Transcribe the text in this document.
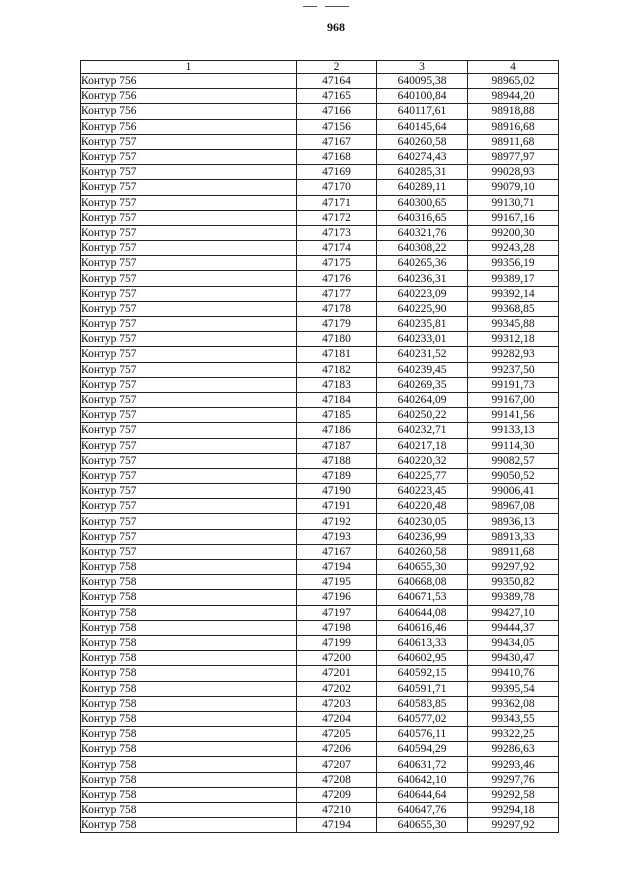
968
1	2	3	4
Контур 756	47164	640095,38	98965,02
Контур 756	47165	640100,84	98944,20
Контур 756	47166	640117,61	98918,88
Контур 756	47156	640145,64	98916,68
Контур 757	47167	640260,58	98911,68
Контур 757	47168	640274,43	98977,97
Контур 757	47169	640285,31	99028,93
Контур 757	47170	640289,11	99079,10
Контур 757	47171	640300,65	99130,71
Контур 757	47172	640316,65	99167,16
Контур 757	47173	640321,76	99200,30
Контур 757	47174	640308,22	99243,28
Контур 757	47175	640265,36	99356,19
Контур 757	47176	640236,31	99389,17
Контур 757	47177	640223,09	99392,14
Контур 757	47178	640225,90	99368,85
Контур 757	47179	640235,81	99345,88
Контур 757	47180	640233,01	99312,18
Контур 757	47181	640231,52	99282,93
Контур 757	47182	640239,45	99237,50
Контур 757	47183	640269,35	99191,73
Контур 757	47184	640264,09	99167,00
Контур 757	47185	640250,22	99141,56
Контур 757	47186	640232,71	99133,13
Контур 757	47187	640217,18	99114,30
Контур 757	47188	640220,32	99082,57
Контур 757	47189	640225,77	99050,52
Контур 757	47190	640223,45	99006,41
Контур 757	47191	640220,48	98967,08
Контур 757	47192	640230,05	98936,13
Контур 757	47193	640236,99	98913,33
Контур 757	47167	640260,58	98911,68
Контур 758	47194	640655,30	99297,92
Контур 758	47195	640668,08	99350,82
Контур 758	47196	640671,53	99389,78
Контур 758	47197	640644,08	99427,10
Контур 758	47198	640616,46	99444,37
Контур 758	47199	640613,33	99434,05
Контур 758	47200	640602,95	99430,47
Контур 758	47201	640592,15	99410,76
Контур 758	47202	640591,71	99395,54
Контур 758	47203	640583,85	99362,08
Контур 758	47204	640577,02	99343,55
Контур 758	47205	640576,11	99322,25
Контур 758	47206	640594,29	99286,63
Контур 758	47207	640631,72	99293,46
Контур 758	47208	640642,10	99297,76
Контур 758	47209	640644,64	99292,58
Контур 758	47210	640647,76	99294,18
Контур 758	47194	640655,30	99297,92
